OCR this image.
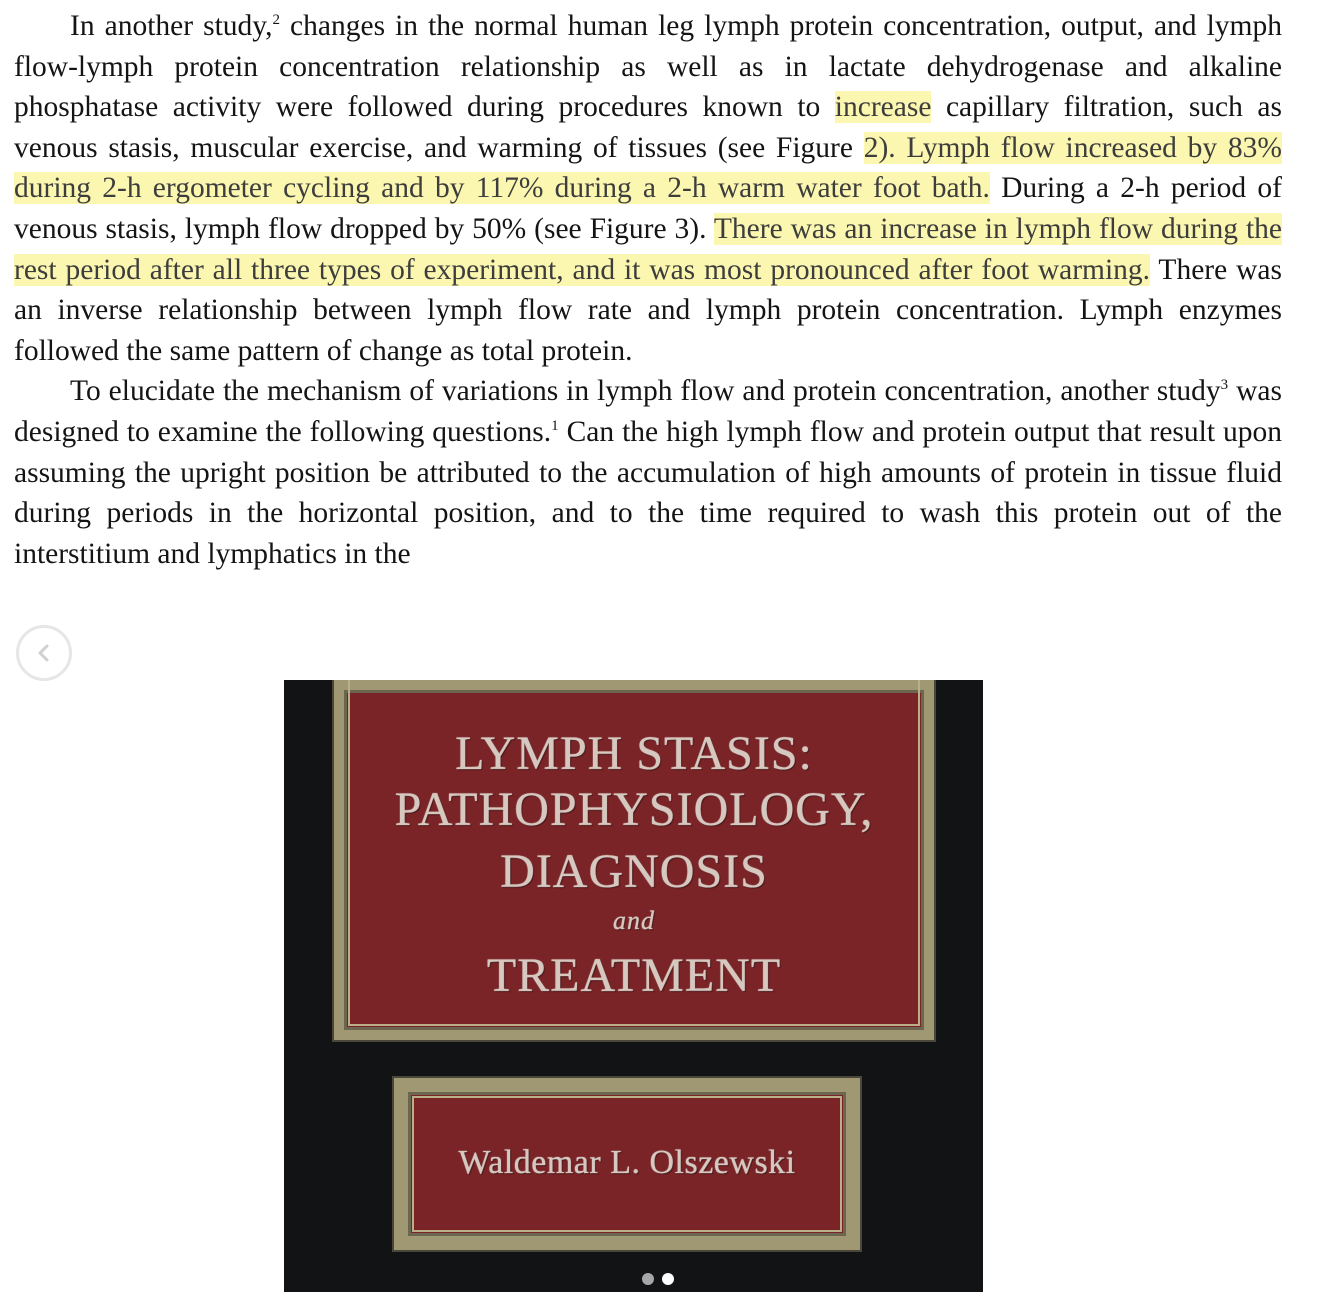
In another study,$^2$ changes in the normal human leg lymph protein concentration, output, and lymph flow-lymph protein concentration relationship as well as in lactate dehydrogenase and alkaline phosphatase activity were followed during procedures known to increase capillary filtration, such as venous stasis, muscular exercise, and warming of tissues (see Figure 2). Lymph flow increased by 83% during 2-h ergometer cycling and by 117% during a 2-h warm water foot bath. During a 2-h period of venous stasis, lymph flow dropped by 50% (see Figure 3). There was an increase in lymph flow during the rest period after all three types of experiment, and it was most pronounced after foot warming. There was an inverse relationship between lymph flow rate and lymph protein concentration. Lymph enzymes followed the same pattern of change as total protein.

To elucidate the mechanism of variations in lymph flow and protein concentration, another study$^3$ was designed to examine the following questions.$^1$ Can the high lymph flow and protein output that result upon assuming the upright position be attributed to the accumulation of high amounts of protein in tissue fluid during periods in the horizontal position, and to the time required to wash this protein out of the interstitium and lymphatics in the

LYMPH STASIS:
PATHOPHYSIOLOGY,
DIAGNOSIS
and
TREATMENT
Waldemar L. Olszewski
